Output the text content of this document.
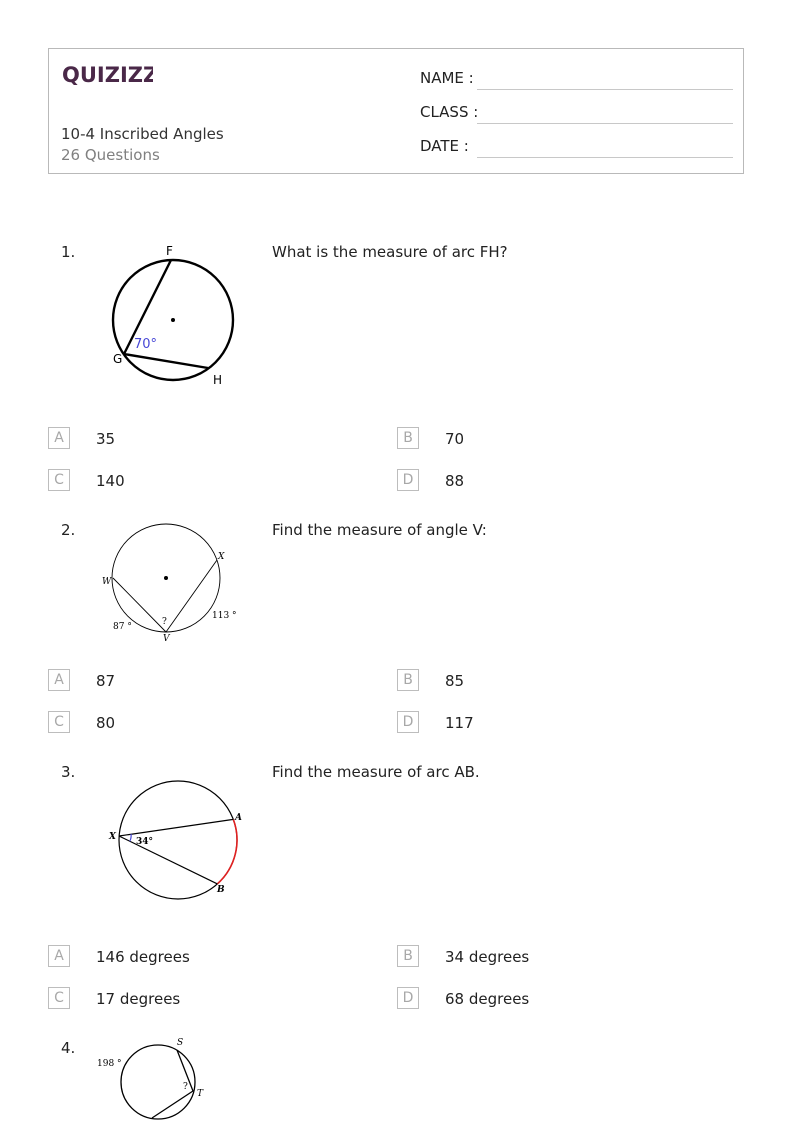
QUIZIZZ
10-4 Inscribed Angles
26 Questions
NAME :
CLASS :
DATE :
1.	F
G
H
70°
What is the measure of arc FH?
A	35	B	70
C	140	D	88
2.
W
X
V
?
87 °
113 °
Find the measure of angle V:
A	87	B	85
C	80	D	117
3.
X
A
B
34°
Find the measure of arc AB.
A	146 degrees	B	34 degrees
C	17 degrees	D	68 degrees
4.	S
T
?
198 °
